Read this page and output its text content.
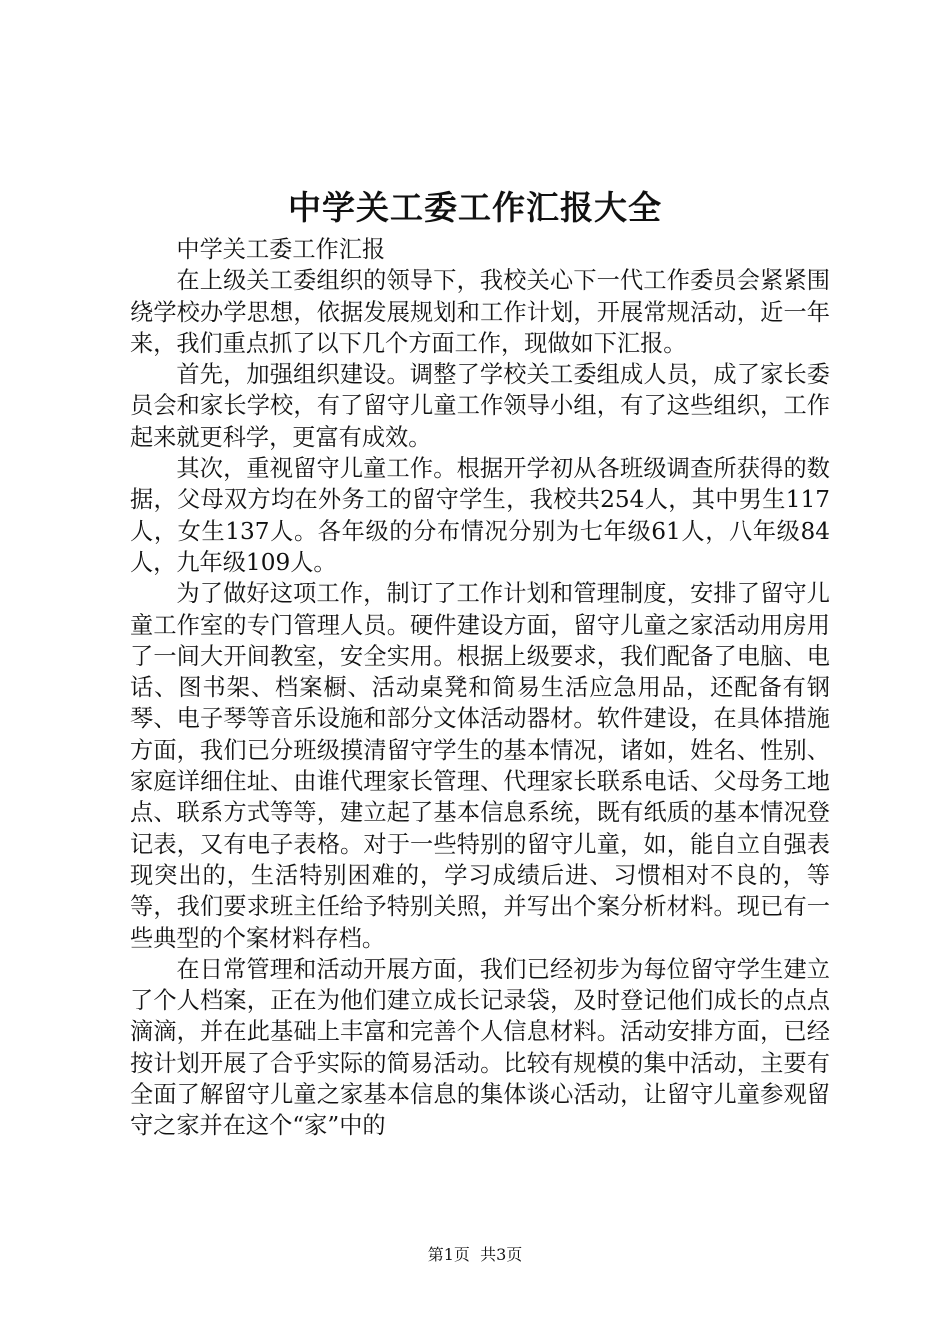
中学关工委工作汇报大全

中学关工委工作汇报

在上级关工委组织的领导下，我校关心下一代工作委员会紧紧围绕学校办学思想，依据发展规划和工作计划，开展常规活动，近一年来，我们重点抓了以下几个方面工作，现做如下汇报。

首先，加强组织建设。调整了学校关工委组成人员，成了家长委员会和家长学校，有了留守儿童工作领导小组，有了这些组织，工作起来就更科学，更富有成效。

其次，重视留守儿童工作。根据开学初从各班级调查所获得的数据，父母双方均在外务工的留守学生，我校共254人，其中男生117人，女生137人。各年级的分布情况分别为七年级61人，八年级84人，九年级109人。

为了做好这项工作，制订了工作计划和管理制度，安排了留守儿童工作室的专门管理人员。硬件建设方面，留守儿童之家活动用房用了一间大开间教室，安全实用。根据上级要求，我们配备了电脑、电话、图书架、档案橱、活动桌凳和简易生活应急用品，还配备有钢琴、电子琴等音乐设施和部分文体活动器材。软件建设，在具体措施方面，我们已分班级摸清留守学生的基本情况，诸如，姓名、性别、家庭详细住址、由谁代理家长管理、代理家长联系电话、父母务工地点、联系方式等等，建立起了基本信息系统，既有纸质的基本情况登记表，又有电子表格。对于一些特别的留守儿童，如，能自立自强表现突出的，生活特别困难的，学习成绩后进、习惯相对不良的，等等，我们要求班主任给予特别关照，并写出个案分析材料。现已有一些典型的个案材料存档。

在日常管理和活动开展方面，我们已经初步为每位留守学生建立了个人档案，正在为他们建立成长记录袋，及时登记他们成长的点点滴滴，并在此基础上丰富和完善个人信息材料。活动安排方面，已经按计划开展了合乎实际的简易活动。比较有规模的集中活动，主要有全面了解留守儿童之家基本信息的集体谈心活动，让留守儿童参观留守之家并在这个“家”中的

第1页 共3页
